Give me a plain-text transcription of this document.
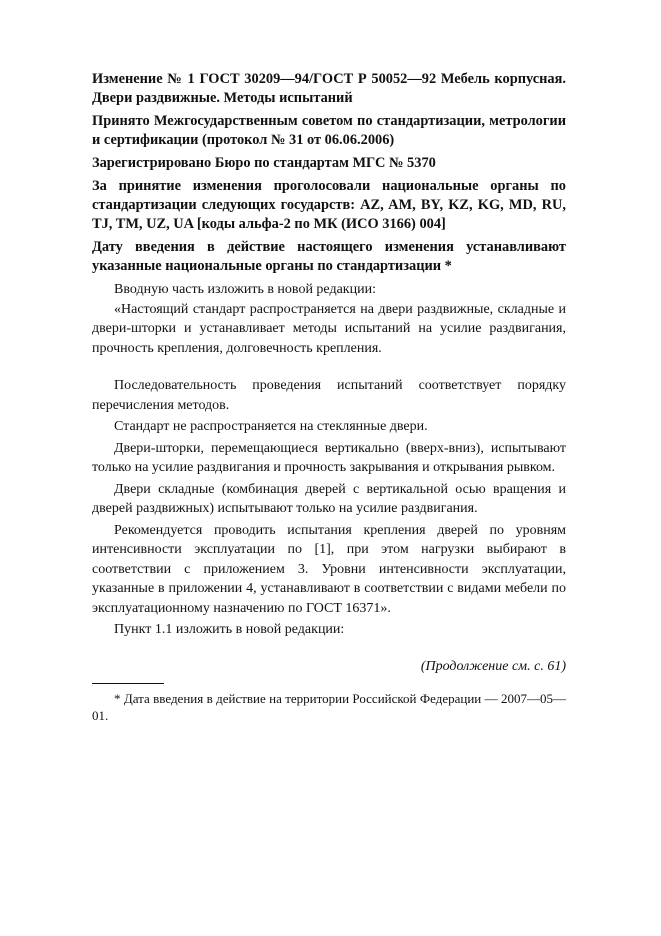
Изменение № 1 ГОСТ 30209—94/ГОСТ Р 50052—92 Мебель корпусная. Двери раздвижные. Методы испытаний

Принято Межгосударственным советом по стандартизации, метрологии и сертификации (протокол № 31 от 06.06.2006)

Зарегистрировано Бюро по стандартам МГС № 5370

За принятие изменения проголосовали национальные органы по стандартизации следующих государств: AZ, AM, BY, KZ, KG, MD, RU, TJ, TM, UZ, UA [коды альфа-2 по МК (ИСО 3166) 004]

Дату введения в действие настоящего изменения устанавливают указанные национальные органы по стандартизации *

Вводную часть изложить в новой редакции:

«Настоящий стандарт распространяется на двери раздвижные, складные и двери-шторки и устанавливает методы испытаний на усилие раздвигания, прочность крепления, долговечность крепления.

Последовательность проведения испытаний соответствует порядку перечисления методов.

Стандарт не распространяется на стеклянные двери.

Двери-шторки, перемещающиеся вертикально (вверх-вниз), испытывают только на усилие раздвигания и прочность закрывания и открывания рывком.

Двери складные (комбинация дверей с вертикальной осью вращения и дверей раздвижных) испытывают только на усилие раздвигания.

Рекомендуется проводить испытания крепления дверей по уровням интенсивности эксплуатации по [1], при этом нагрузки выбирают в соответствии с приложением 3. Уровни интенсивности эксплуатации, указанные в приложении 4, устанавливают в соответствии с видами мебели по эксплуатационному назначению по ГОСТ 16371».

Пункт 1.1 изложить в новой редакции:

(Продолжение см. с. 61)

* Дата введения в действие на территории Российской Федерации — 2007—05—01.
